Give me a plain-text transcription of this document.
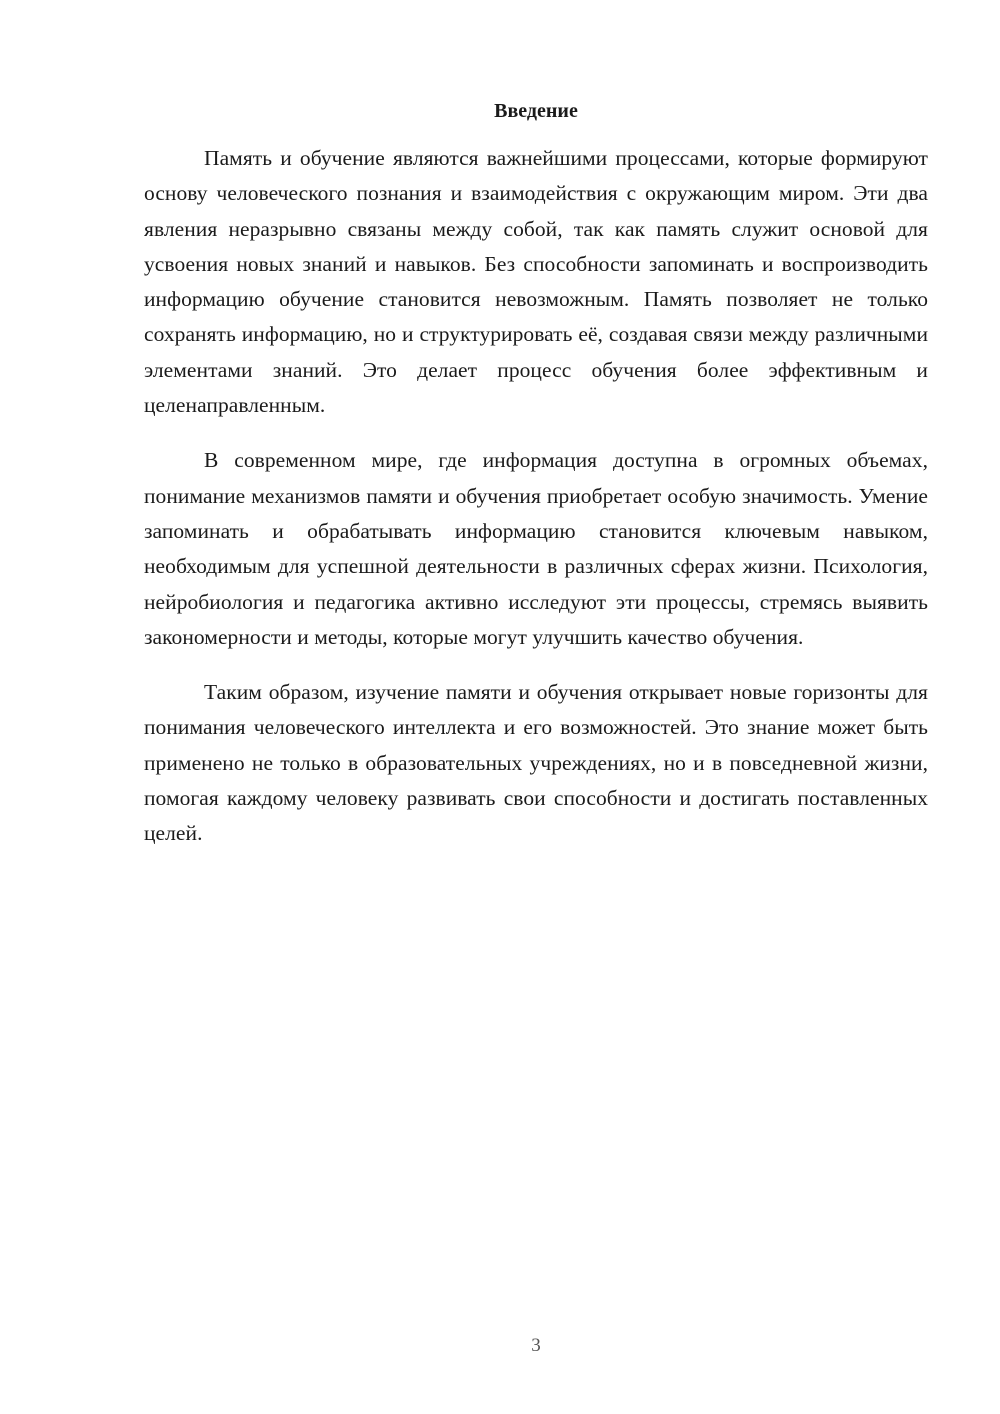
Введение

Память и обучение являются важнейшими процессами, которые формируют основу человеческого познания и взаимодействия с окружающим миром. Эти два явления неразрывно связаны между собой, так как память служит основой для усвоения новых знаний и навыков. Без способности запоминать и воспроизводить информацию обучение становится невозможным. Память позволяет не только сохранять информацию, но и структурировать её, создавая связи между различными элементами знаний. Это делает процесс обучения более эффективным и целенаправленным.

В современном мире, где информация доступна в огромных объемах, понимание механизмов памяти и обучения приобретает особую значимость. Умение запоминать и обрабатывать информацию становится ключевым навыком, необходимым для успешной деятельности в различных сферах жизни. Психология, нейробиология и педагогика активно исследуют эти процессы, стремясь выявить закономерности и методы, которые могут улучшить качество обучения.

Таким образом, изучение памяти и обучения открывает новые горизонты для понимания человеческого интеллекта и его возможностей. Это знание может быть применено не только в образовательных учреждениях, но и в повседневной жизни, помогая каждому человеку развивать свои способности и достигать поставленных целей.

3
